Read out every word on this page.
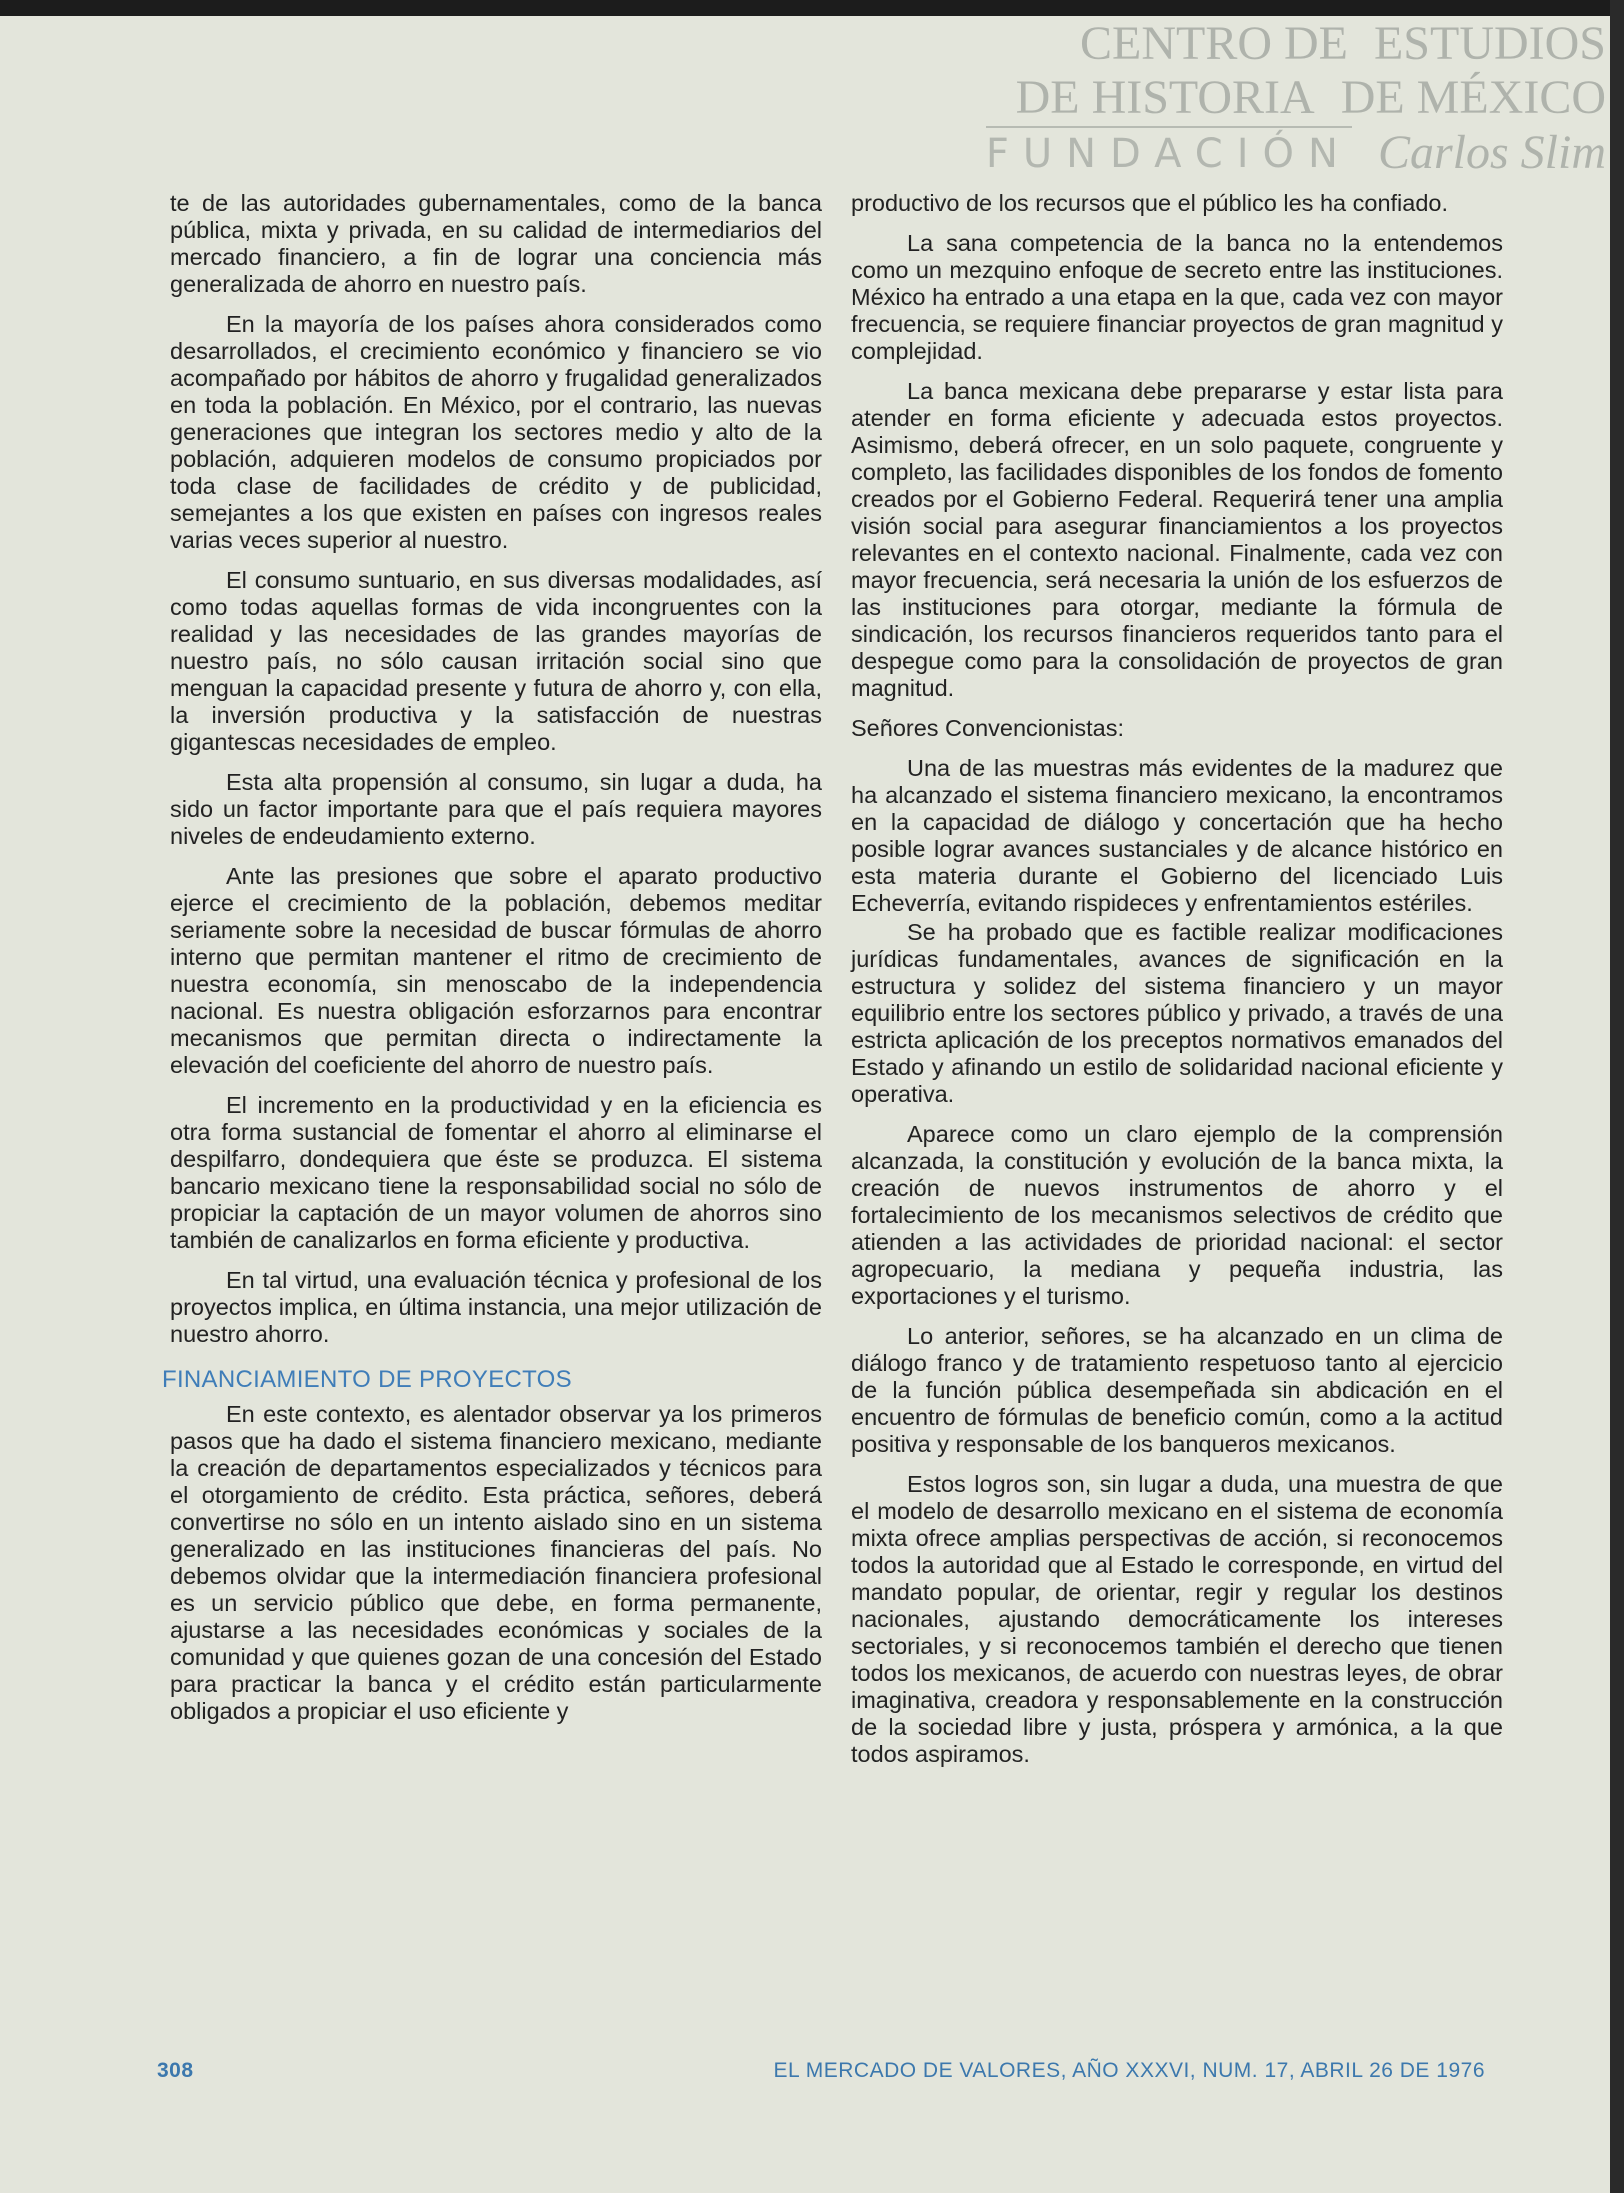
CENTRO DE ESTUDIOS
DE HISTORIA DE MÉXICO
FUNDACIÓN Carlos Slim

te de las autoridades gubernamentales, como de la banca pública, mixta y privada, en su calidad de intermediarios del mercado financiero, a fin de lograr una conciencia más generalizada de ahorro en nuestro país.

En la mayoría de los países ahora considerados como desarrollados, el crecimiento económico y financiero se vio acompañado por hábitos de ahorro y frugalidad generalizados en toda la población. En México, por el contrario, las nuevas generaciones que integran los sectores medio y alto de la población, adquieren modelos de consumo propiciados por toda clase de facilidades de crédito y de publicidad, semejantes a los que existen en países con ingresos reales varias veces superior al nuestro.

El consumo suntuario, en sus diversas modalidades, así como todas aquellas formas de vida incongruentes con la realidad y las necesidades de las grandes mayorías de nuestro país, no sólo causan irritación social sino que menguan la capacidad presente y futura de ahorro y, con ella, la inversión productiva y la satisfacción de nuestras gigantescas necesidades de empleo.

Esta alta propensión al consumo, sin lugar a duda, ha sido un factor importante para que el país requiera mayores niveles de endeudamiento externo.

Ante las presiones que sobre el aparato productivo ejerce el crecimiento de la población, debemos meditar seriamente sobre la necesidad de buscar fórmulas de ahorro interno que permitan mantener el ritmo de crecimiento de nuestra economía, sin menoscabo de la independencia nacional. Es nuestra obligación esforzarnos para encontrar mecanismos que permitan directa o indirectamente la elevación del coeficiente del ahorro de nuestro país.

El incremento en la productividad y en la eficiencia es otra forma sustancial de fomentar el ahorro al eliminarse el despilfarro, dondequiera que éste se produzca. El sistema bancario mexicano tiene la responsabilidad social no sólo de propiciar la captación de un mayor volumen de ahorros sino también de canalizarlos en forma eficiente y productiva.

En tal virtud, una evaluación técnica y profesional de los proyectos implica, en última instancia, una mejor utilización de nuestro ahorro.

FINANCIAMIENTO DE PROYECTOS

En este contexto, es alentador observar ya los primeros pasos que ha dado el sistema financiero mexicano, mediante la creación de departamentos especializados y técnicos para el otorgamiento de crédito. Esta práctica, señores, deberá convertirse no sólo en un intento aislado sino en un sistema generalizado en las instituciones financieras del país. No debemos olvidar que la intermediación financiera profesional es un servicio público que debe, en forma permanente, ajustarse a las necesidades económicas y sociales de la comunidad y que quienes gozan de una concesión del Estado para practicar la banca y el crédito están particularmente obligados a propiciar el uso eficiente y

productivo de los recursos que el público les ha confiado.

La sana competencia de la banca no la entendemos como un mezquino enfoque de secreto entre las instituciones. México ha entrado a una etapa en la que, cada vez con mayor frecuencia, se requiere financiar proyectos de gran magnitud y complejidad.

La banca mexicana debe prepararse y estar lista para atender en forma eficiente y adecuada estos proyectos. Asimismo, deberá ofrecer, en un solo paquete, congruente y completo, las facilidades disponibles de los fondos de fomento creados por el Gobierno Federal. Requerirá tener una amplia visión social para asegurar financiamientos a los proyectos relevantes en el contexto nacional. Finalmente, cada vez con mayor frecuencia, será necesaria la unión de los esfuerzos de las instituciones para otorgar, mediante la fórmula de sindicación, los recursos financieros requeridos tanto para el despegue como para la consolidación de proyectos de gran magnitud.

Señores Convencionistas:

Una de las muestras más evidentes de la madurez que ha alcanzado el sistema financiero mexicano, la encontramos en la capacidad de diálogo y concertación que ha hecho posible lograr avances sustanciales y de alcance histórico en esta materia durante el Gobierno del licenciado Luis Echeverría, evitando rispideces y enfrentamientos estériles.

Se ha probado que es factible realizar modificaciones jurídicas fundamentales, avances de significación en la estructura y solidez del sistema financiero y un mayor equilibrio entre los sectores público y privado, a través de una estricta aplicación de los preceptos normativos emanados del Estado y afinando un estilo de solidaridad nacional eficiente y operativa.

Aparece como un claro ejemplo de la comprensión alcanzada, la constitución y evolución de la banca mixta, la creación de nuevos instrumentos de ahorro y el fortalecimiento de los mecanismos selectivos de crédito que atienden a las actividades de prioridad nacional: el sector agropecuario, la mediana y pequeña industria, las exportaciones y el turismo.

Lo anterior, señores, se ha alcanzado en un clima de diálogo franco y de tratamiento respetuoso tanto al ejercicio de la función pública desempeñada sin abdicación en el encuentro de fórmulas de beneficio común, como a la actitud positiva y responsable de los banqueros mexicanos.

Estos logros son, sin lugar a duda, una muestra de que el modelo de desarrollo mexicano en el sistema de economía mixta ofrece amplias perspectivas de acción, si reconocemos todos la autoridad que al Estado le corresponde, en virtud del mandato popular, de orientar, regir y regular los destinos nacionales, ajustando democráticamente los intereses sectoriales, y si reconocemos también el derecho que tienen todos los mexicanos, de acuerdo con nuestras leyes, de obrar imaginativa, creadora y responsablemente en la construcción de la sociedad libre y justa, próspera y armónica, a la que todos aspiramos.

308	EL MERCADO DE VALORES, AÑO XXXVI, NUM. 17, ABRIL 26 DE 1976
